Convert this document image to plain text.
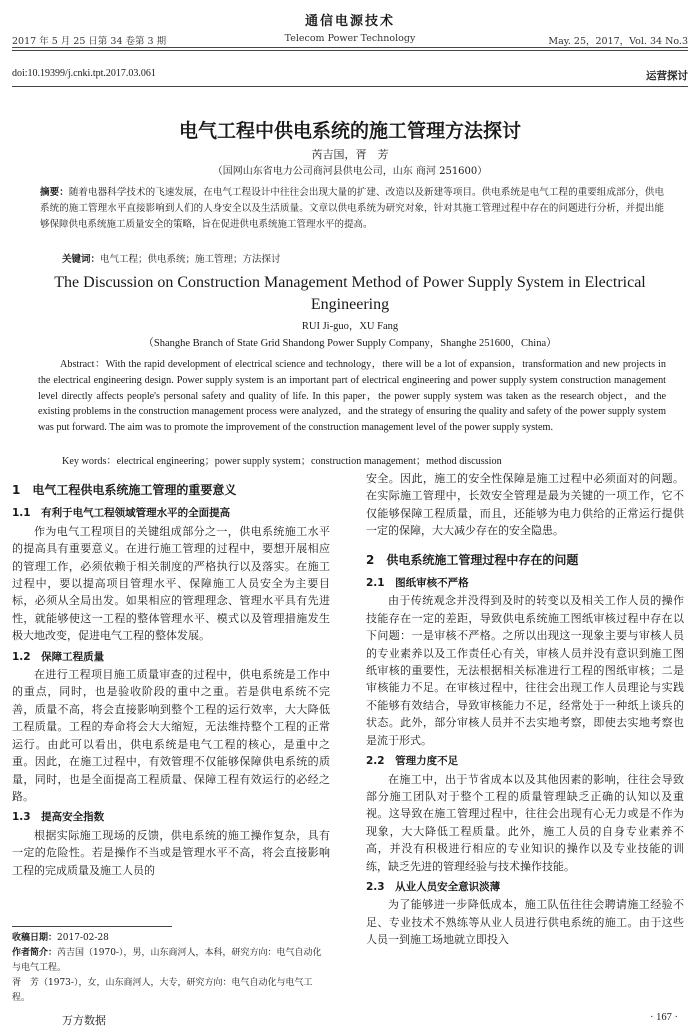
通信电源技术
2017 年 5 月 25 日第 34 卷第 3 期	Telecom Power Technology	May. 25，2017，Vol. 34 No.3
doi:10.19399/j.cnki.tpt.2017.03.061	运营探讨
电气工程中供电系统的施工管理方法探讨
芮吉国，胥　芳
（国网山东省电力公司商河县供电公司，山东 商河 251600）
摘要：随着电器科学技术的飞速发展，在电气工程设计中往往会出现大量的扩建、改造以及新建等项目。供电系统是电气工程的重要组成部分，供电系统的施工管理水平直接影响到人们的人身安全以及生活质量。文章以供电系统为研究对象，针对其施工管理过程中存在的问题进行分析，并提出能够保障供电系统施工质量安全的策略，旨在促进供电系统施工管理水平的提高。
关键词：电气工程；供电系统；施工管理；方法探讨
The Discussion on Construction Management Method of Power Supply System in Electrical Engineering
RUI Ji-guo，XU Fang
（Shanghe Branch of State Grid Shandong Power Supply Company，Shanghe 251600，China）
Abstract：With the rapid development of electrical science and technology，there will be a lot of expansion，transformation and new projects in the electrical engineering design. Power supply system is an important part of electrical engineering and power supply system construction management level directly affects people's personal safety and quality of life. In this paper，the power supply system was taken as the research object，and the existing problems in the construction management process were analyzed，and the strategy of ensuring the quality and safety of the power supply system was put forward. The aim was to promote the improvement of the construction management level of the power supply system.
Key words：electrical engineering；power supply system；construction management；method discussion
1　电气工程供电系统施工管理的重要意义
1.1　有利于电气工程领域管理水平的全面提高
作为电气工程项目的关键组成部分之一，供电系统施工水平的提高具有重要意义。在进行施工管理的过程中，要想开展相应的管理工作，必须依赖于相关制度的严格执行以及落实。在施工过程中，要以提高项目管理水平、保障施工人员安全为主要目标，必须从全局出发。如果相应的管理理念、管理水平具有先进性，就能够使这一工程的整体管理水平、模式以及管理措施发生极大地改变，促进电气工程的整体发展。
1.2　保障工程质量
在进行工程项目施工质量审查的过程中，供电系统是工作中的重点，同时，也是验收阶段的重中之重。若是供电系统不完善，质量不高，将会直接影响到整个工程的运行效率，大大降低工程质量。工程的寿命将会大大缩短，无法维持整个工程的正常运行。由此可以看出，供电系统是电气工程的核心，是重中之重。因此，在施工过程中，有效管理不仅能够保障供电系统的质量，同时，也是全面提高工程质量、保障工程有效运行的必经之路。
1.3　提高安全指数
根据实际施工现场的反馈，供电系统的施工操作复杂，具有一定的危险性。若是操作不当或是管理水平不高，将会直接影响工程的完成质量及施工人员的
安全。因此，施工的安全性保障是施工过程中必须面对的问题。在实际施工管理中，长效安全管理是最为关键的一项工作，它不仅能够保障工程质量，而且，还能够为电力供给的正常运行提供一定的保障，大大减少存在的安全隐患。
2　供电系统施工管理过程中存在的问题
2.1　图纸审核不严格
由于传统观念并没得到及时的转变以及相关工作人员的操作技能存在一定的差距，导致供电系统施工图纸审核过程中存在以下问题：一是审核不严格。之所以出现这一现象主要与审核人员的专业素养以及工作责任心有关，审核人员并没有意识到施工图纸审核的重要性，无法根据相关标准进行工程的图纸审核；二是审核能力不足。在审核过程中，往往会出现工作人员理论与实践不能够有效结合，导致审核能力不足，经常处于一种纸上谈兵的状态。此外，部分审核人员并不去实地考察，即使去实地考察也是流于形式。
2.2　管理力度不足
在施工中，出于节省成本以及其他因素的影响，往往会导致部分施工团队对于整个工程的质量管理缺乏正确的认知以及重视。这导致在施工管理过程中，往往会出现有心无力或是不作为现象，大大降低工程质量。此外，施工人员的自身专业素养不高，并没有积极进行相应的专业知识的操作以及专业技能的训练，缺乏先进的管理经验与技术操作技能。
2.3　从业人员安全意识淡薄
为了能够进一步降低成本，施工队伍往往会聘请施工经验不足、专业技术不熟练等从业人员进行供电系统的施工。由于这些人员一到施工场地就立即投入
收稿日期：2017-02-28
作者简介：芮吉国（1970-），男，山东商河人，本科，研究方向：电气自动化与电气工程。
胥　芳（1973-），女，山东商河人，大专，研究方向：电气自动化与电气工程。
万方数据	· 167 ·
